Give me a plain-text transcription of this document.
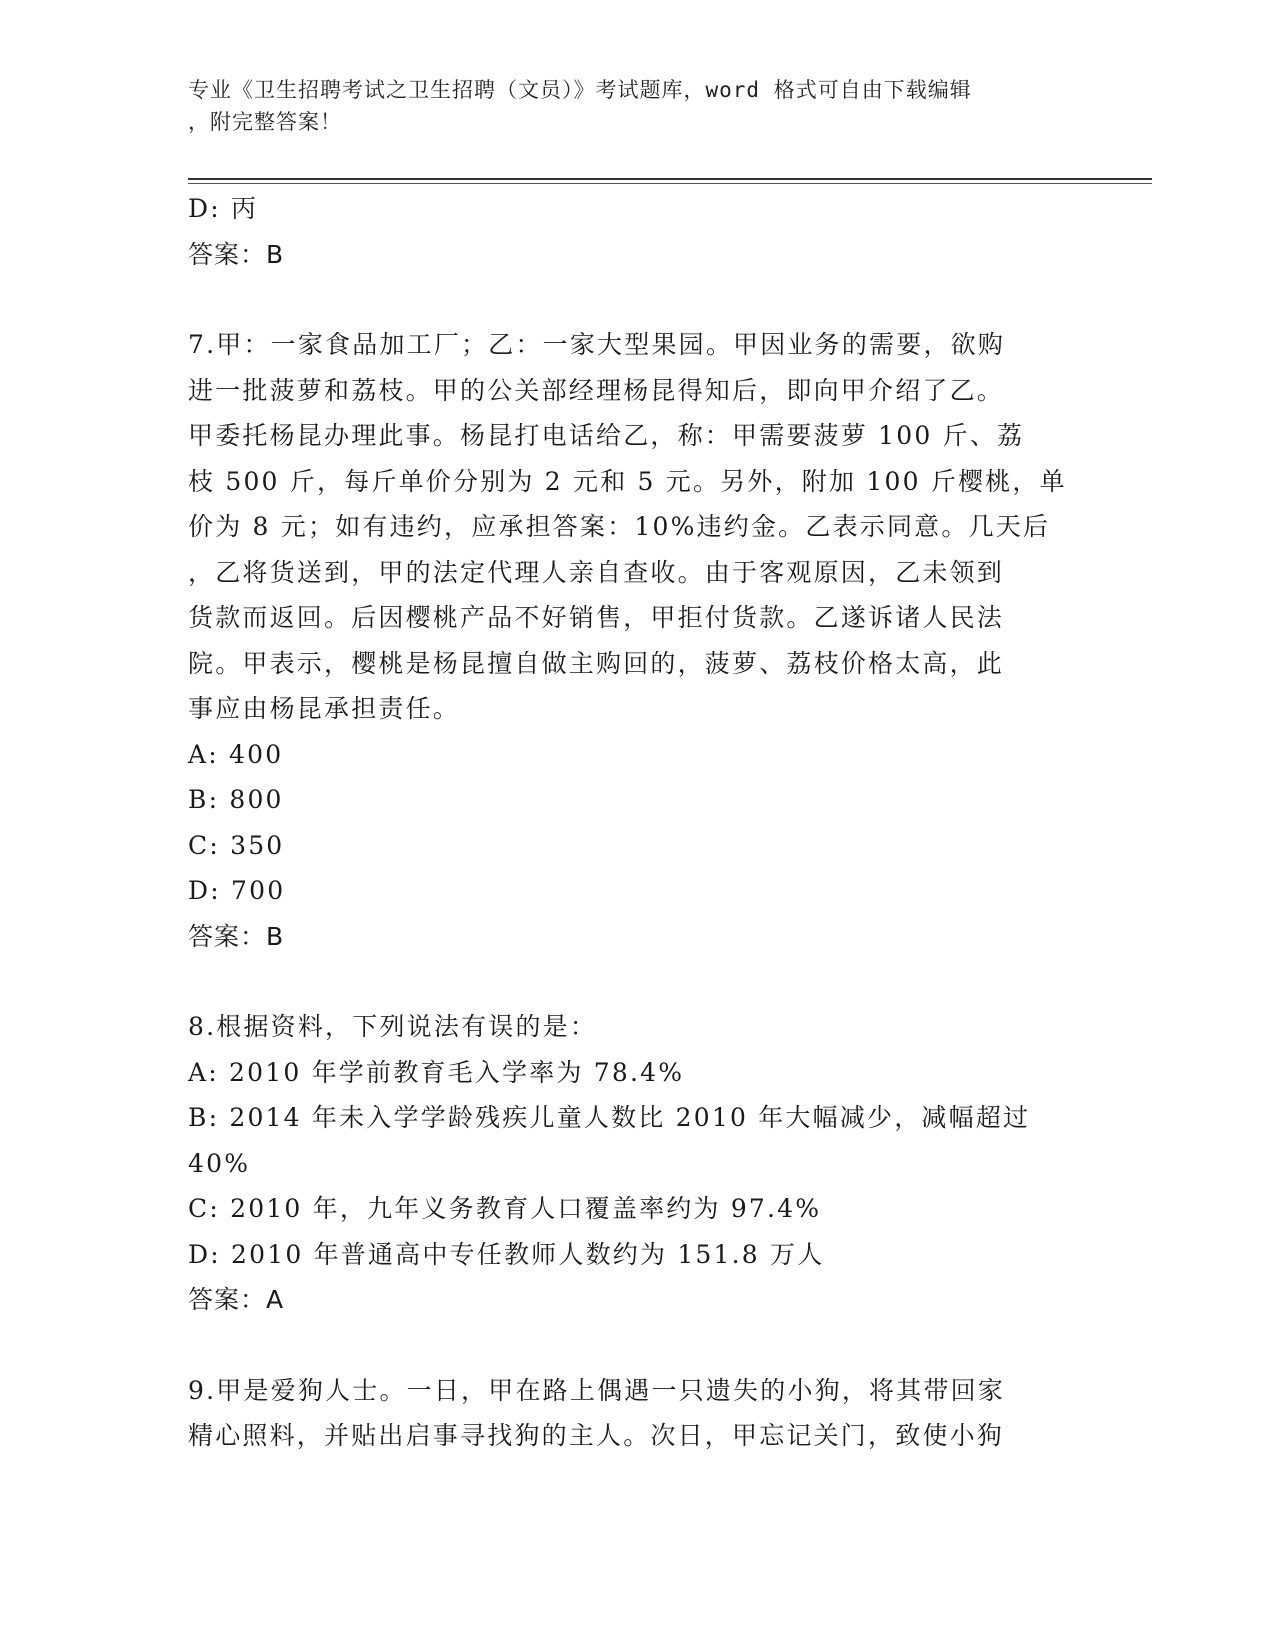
专业《卫生招聘考试之卫生招聘（文员）》考试题库，word 格式可自由下载编辑

，附完整答案！

D: 丙

答案：B

7.甲：一家食品加工厂；乙：一家大型果园。甲因业务的需要，欲购

进一批菠萝和荔枝。甲的公关部经理杨昆得知后，即向甲介绍了乙。

甲委托杨昆办理此事。杨昆打电话给乙，称：甲需要菠萝 100 斤、荔

枝 500 斤，每斤单价分别为 2 元和 5 元。另外，附加 100 斤樱桃，单

价为 8 元；如有违约，应承担答案：10%违约金。乙表示同意。几天后

，乙将货送到，甲的法定代理人亲自查收。由于客观原因，乙未领到

货款而返回。后因樱桃产品不好销售，甲拒付货款。乙遂诉诸人民法

院。甲表示，樱桃是杨昆擅自做主购回的，菠萝、荔枝价格太高，此

事应由杨昆承担责任。

A: 400

B: 800

C: 350

D: 700

答案：B

8.根据资料，下列说法有误的是：

A: 2010 年学前教育毛入学率为 78.4%

B: 2014 年未入学学龄残疾儿童人数比 2010 年大幅减少，减幅超过

40%

C: 2010 年，九年义务教育人口覆盖率约为 97.4%

D: 2010 年普通高中专任教师人数约为 151.8 万人

答案：A

9.甲是爱狗人士。一日，甲在路上偶遇一只遗失的小狗，将其带回家

精心照料，并贴出启事寻找狗的主人。次日，甲忘记关门，致使小狗
